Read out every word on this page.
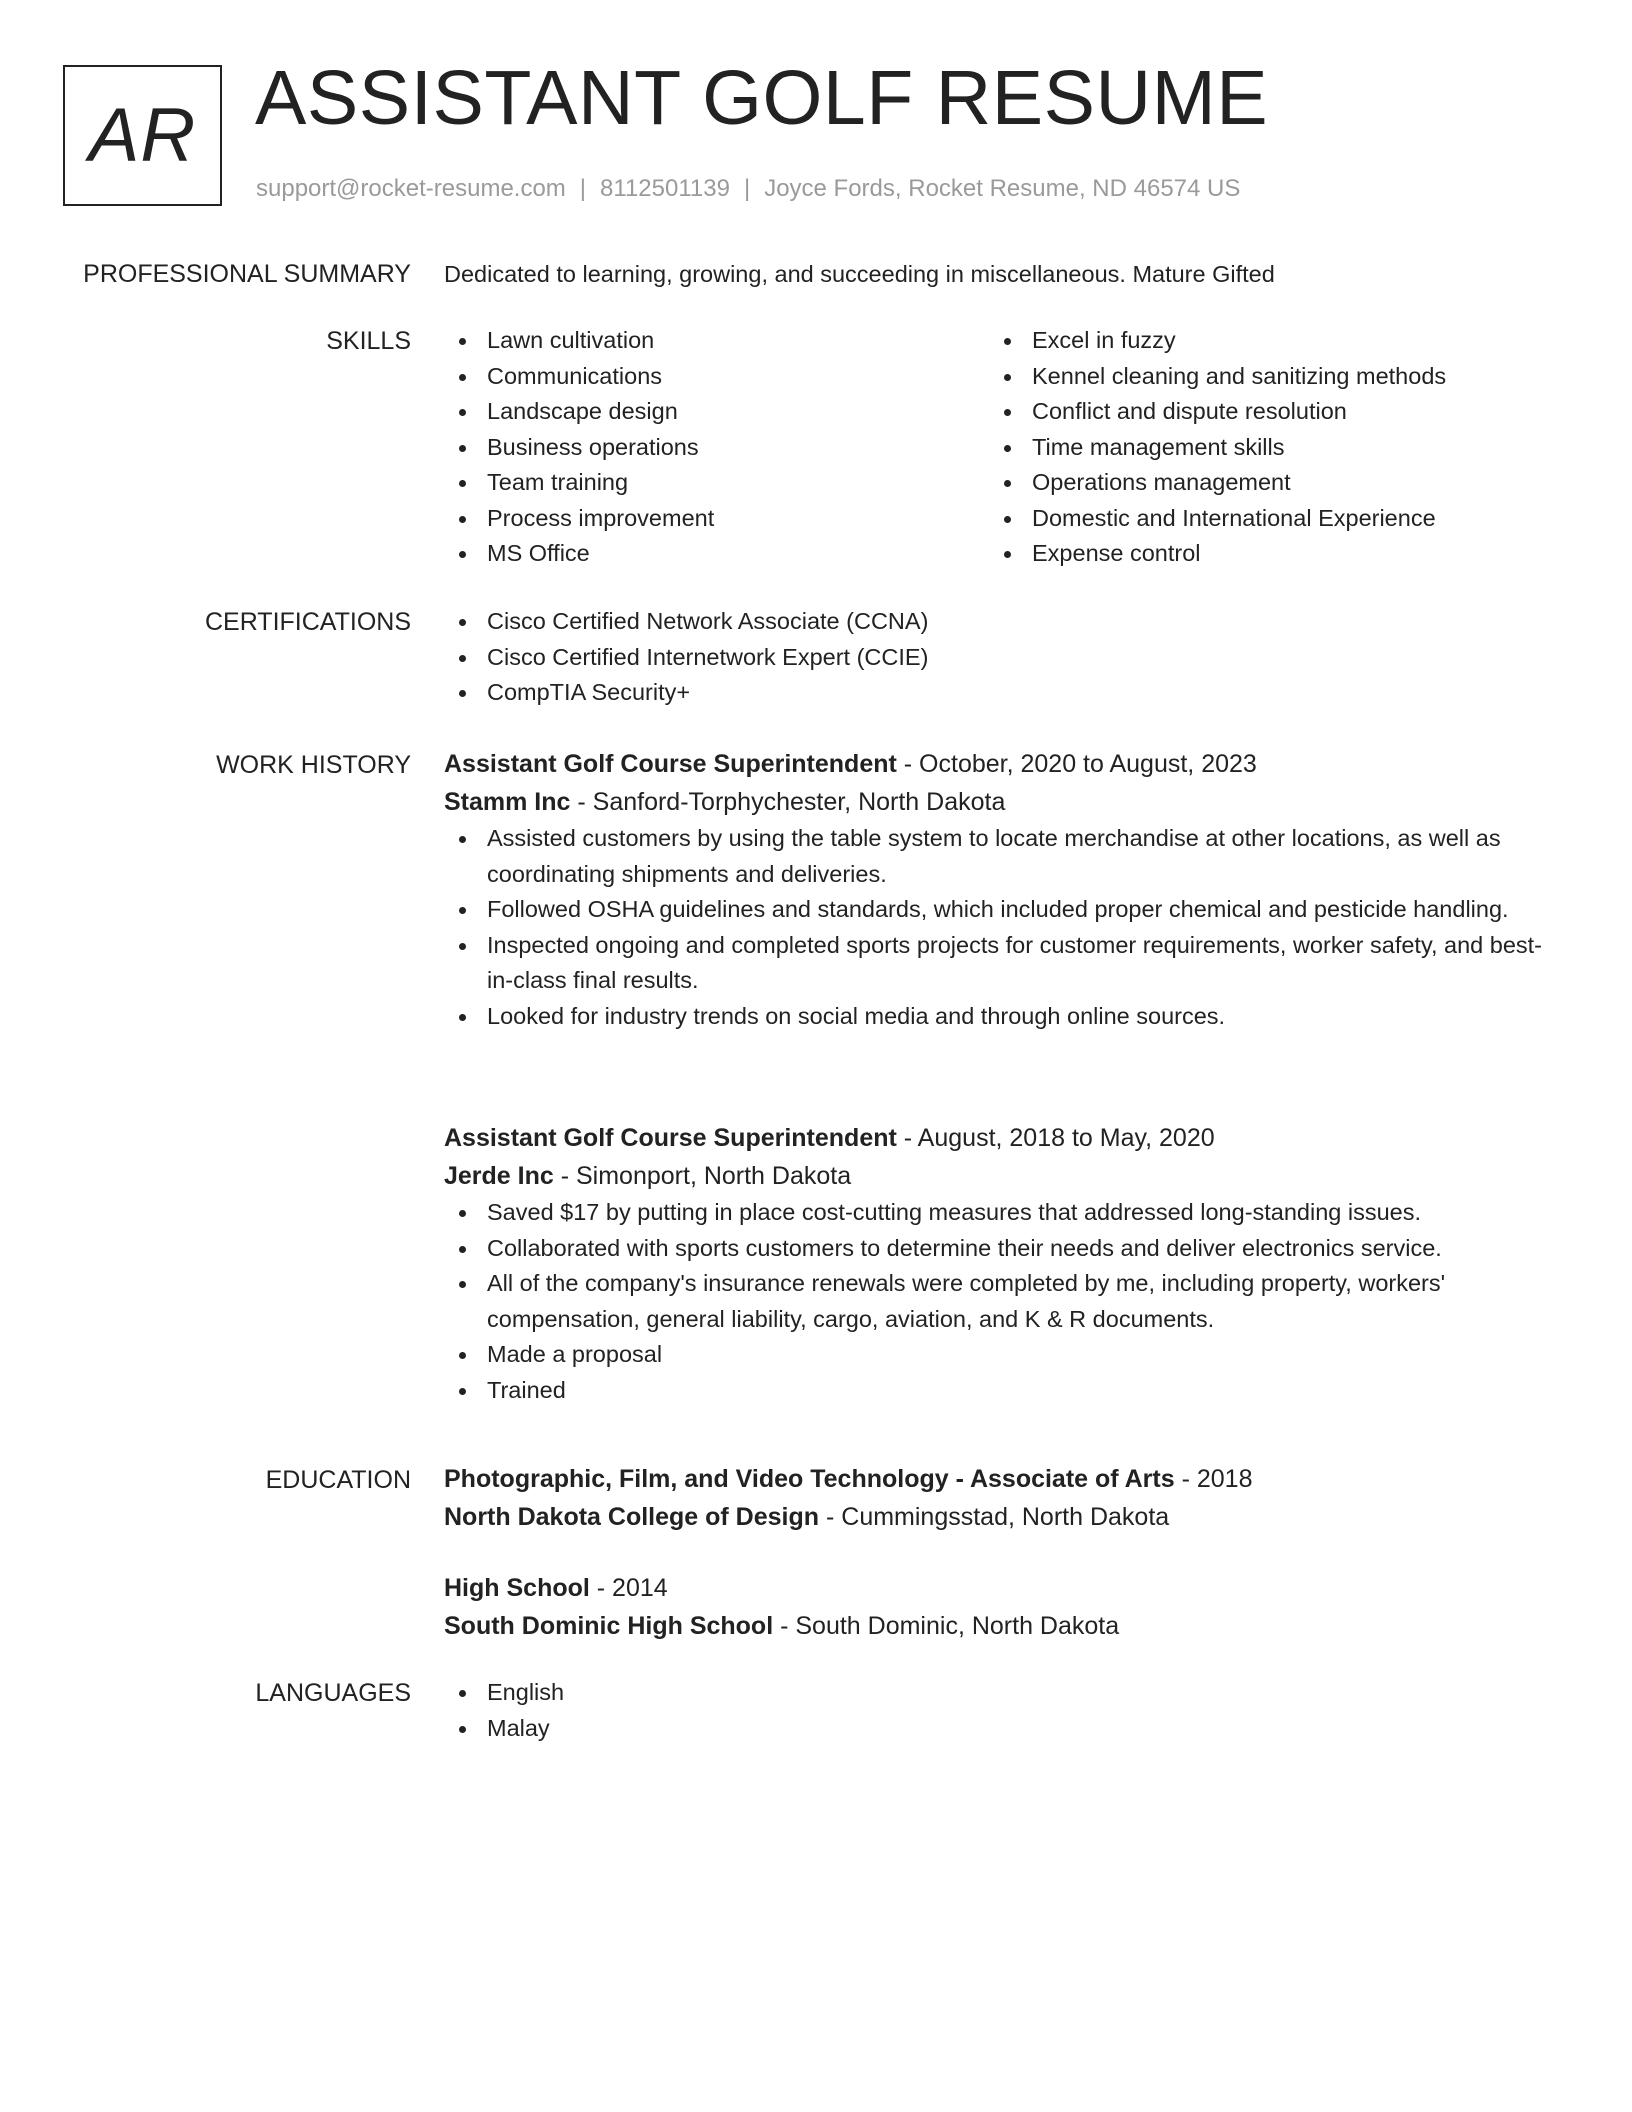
AR ASSISTANT GOLF RESUME
support@rocket-resume.com | 8112501139 | Joyce Fords, Rocket Resume, ND 46574 US
PROFESSIONAL SUMMARY Dedicated to learning, growing, and succeeding in miscellaneous. Mature Gifted
SKILLS	Lawn cultivation
Communications
Landscape design
Business operations
Team training
Process improvement
MS Office
Excel in fuzzy
Kennel cleaning and sanitizing methods
Conflict and dispute resolution
Time management skills
Operations management
Domestic and International Experience
Expense control
CERTIFICATIONS	Cisco Certified Network Associate (CCNA)
Cisco Certified Internetwork Expert (CCIE)
CompTIA Security+
WORK HISTORY Assistant Golf Course Superintendent - October, 2020 to August, 2023
Stamm Inc - Sanford-Torphychester, North Dakota
Assisted customers by using the table system to locate merchandise at other locations, as well as coordinating shipments and deliveries.
Followed OSHA guidelines and standards, which included proper chemical and pesticide handling.
Inspected ongoing and completed sports projects for customer requirements, worker safety, and best-in-class final results.
Looked for industry trends on social media and through online sources.
Assistant Golf Course Superintendent - August, 2018 to May, 2020
Jerde Inc - Simonport, North Dakota
Saved $17 by putting in place cost-cutting measures that addressed long-standing issues.
Collaborated with sports customers to determine their needs and deliver electronics service.
All of the company's insurance renewals were completed by me, including property, workers' compensation, general liability, cargo, aviation, and K & R documents.
Made a proposal
Trained
EDUCATION Photographic, Film, and Video Technology - Associate of Arts - 2018
North Dakota College of Design - Cummingsstad, North Dakota
High School - 2014
South Dominic High School - South Dominic, North Dakota
LANGUAGES	English
Malay
